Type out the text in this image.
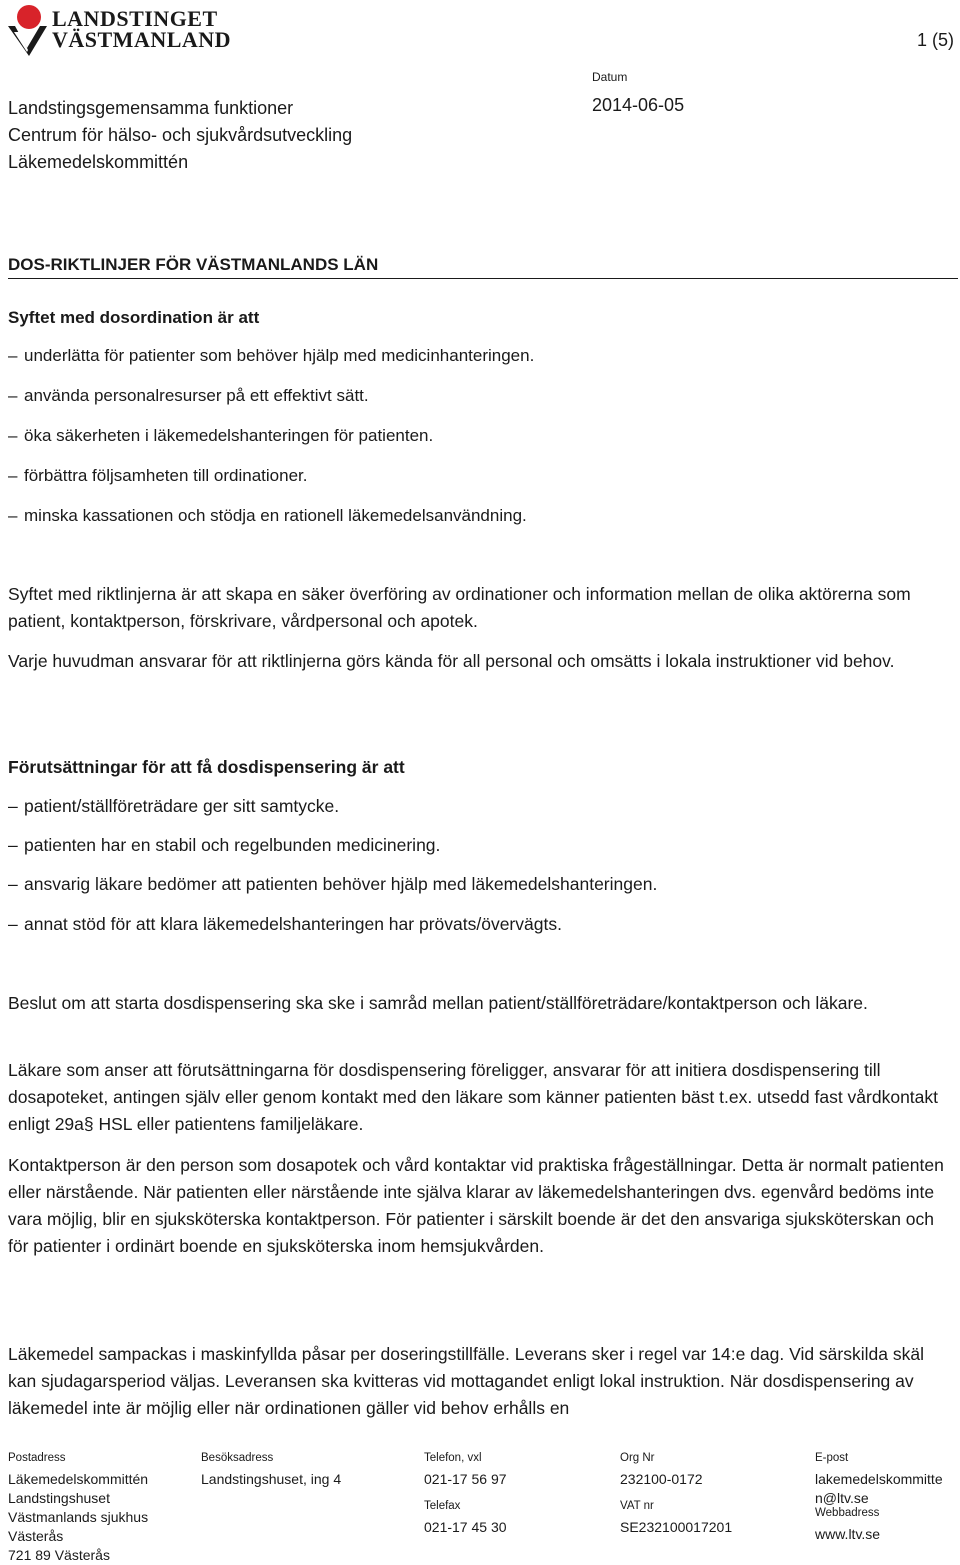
LANDSTINGET
VÄSTMANLAND	1 (5)
Datum
2014-06-05
Landstingsgemensamma funktioner
Centrum för hälso- och sjukvårdsutveckling
Läkemedelskommittén
DOS-RIKTLINJER FÖR VÄSTMANLANDS LÄN
Syftet med dosordination är att
– underlätta för patienter som behöver hjälp med medicinhanteringen.
– använda personalresurser på ett effektivt sätt.
– öka säkerheten i läkemedelshanteringen för patienten.
– förbättra följsamheten till ordinationer.
– minska kassationen och stödja en rationell läkemedelsanvändning.
Syftet med riktlinjerna är att skapa en säker överföring av ordinationer och information mellan de olika aktörerna som patient, kontaktperson, förskrivare, vårdpersonal och apotek.
Varje huvudman ansvarar för att riktlinjerna görs kända för all personal och omsätts i lokala instruktioner vid behov.
Förutsättningar för att få dosdispensering är att
– patient/ställföreträdare ger sitt samtycke.
– patienten har en stabil och regelbunden medicinering.
– ansvarig läkare bedömer att patienten behöver hjälp med läkemedelshanteringen.
– annat stöd för att klara läkemedelshanteringen har prövats/övervägts.
Beslut om att starta dosdispensering ska ske i samråd mellan patient/ställföreträdare/kontaktperson och läkare.
Läkare som anser att förutsättningarna för dosdispensering föreligger, ansvarar för att initiera dosdispensering till dosapoteket, antingen själv eller genom kontakt med den läkare som känner patienten bäst t.ex. utsedd fast vårdkontakt enligt 29a§ HSL eller patientens familjeläkare.
Kontaktperson är den person som dosapotek och vård kontaktar vid praktiska frågeställningar. Detta är normalt patienten eller närstående. När patienten eller närstående inte själva klarar av läkemedelshanteringen dvs. egenvård bedöms inte vara möjlig, blir en sjuksköterska kontaktperson. För patienter i särskilt boende är det den ansvariga sjuksköterskan och för patienter i ordinärt boende en sjuksköterska inom hemsjukvården.
Läkemedel sampackas i maskinfyllda påsar per doseringstillfälle. Leverans sker i regel var 14:e dag. Vid särskilda skäl kan sjudagarsperiod väljas. Leveransen ska kvitteras vid mottagandet enligt lokal instruktion. När dosdispensering av läkemedel inte är möjlig eller när ordinationen gäller vid behov erhålls en
Postadress
Läkemedelskommittén
Landstingshuset
Västmanlands sjukhus
Västerås
721 89 Västerås
Besöksadress
Landstingshuset, ing 4
Telefon, vxl
021-17 56 97
Telefax
021-17 45 30
Org Nr
232100-0172
VAT nr
SE232100017201
E-post
lakemedelskommitte
n@ltv.se
Webbadress
www.ltv.se
